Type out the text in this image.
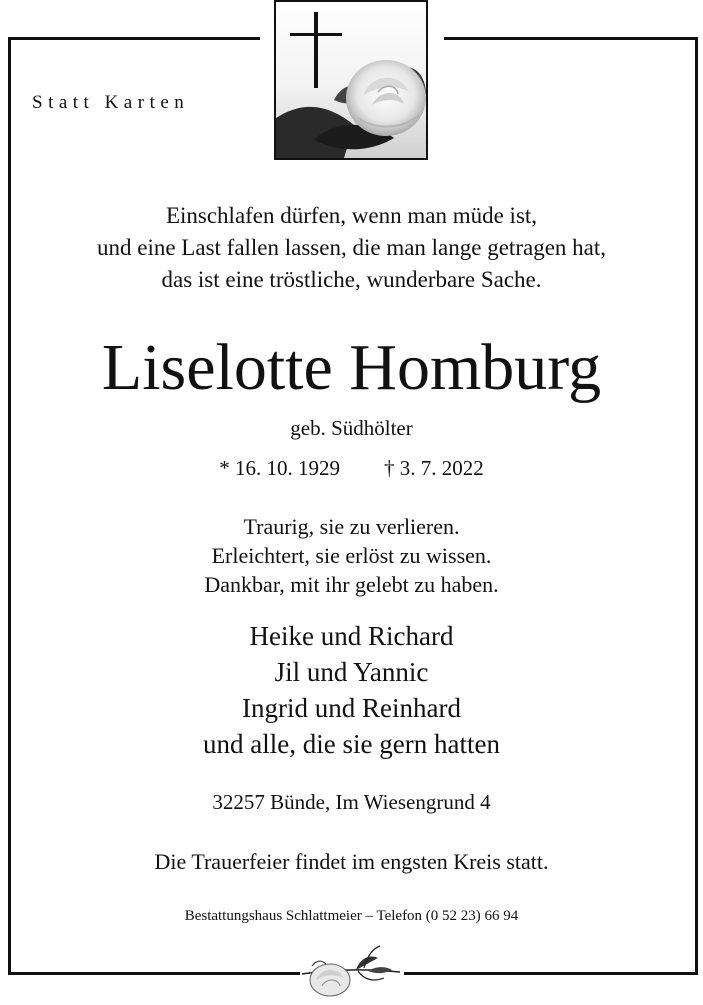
Statt Karten
Einschlafen dürfen, wenn man müde ist,
und eine Last fallen lassen, die man lange getragen hat,
das ist eine tröstliche, wunderbare Sache.
Liselotte Homburg
geb. Südhölter
* 16. 10. 1929 † 3. 7. 2022
Traurig, sie zu verlieren.
Erleichtert, sie erlöst zu wissen.
Dankbar, mit ihr gelebt zu haben.
Heike und Richard
Jil und Yannic
Ingrid und Reinhard
und alle, die sie gern hatten
32257 Bünde, Im Wiesengrund 4
Die Trauerfeier findet im engsten Kreis statt.
Bestattungshaus Schlattmeier – Telefon (0 52 23) 66 94
